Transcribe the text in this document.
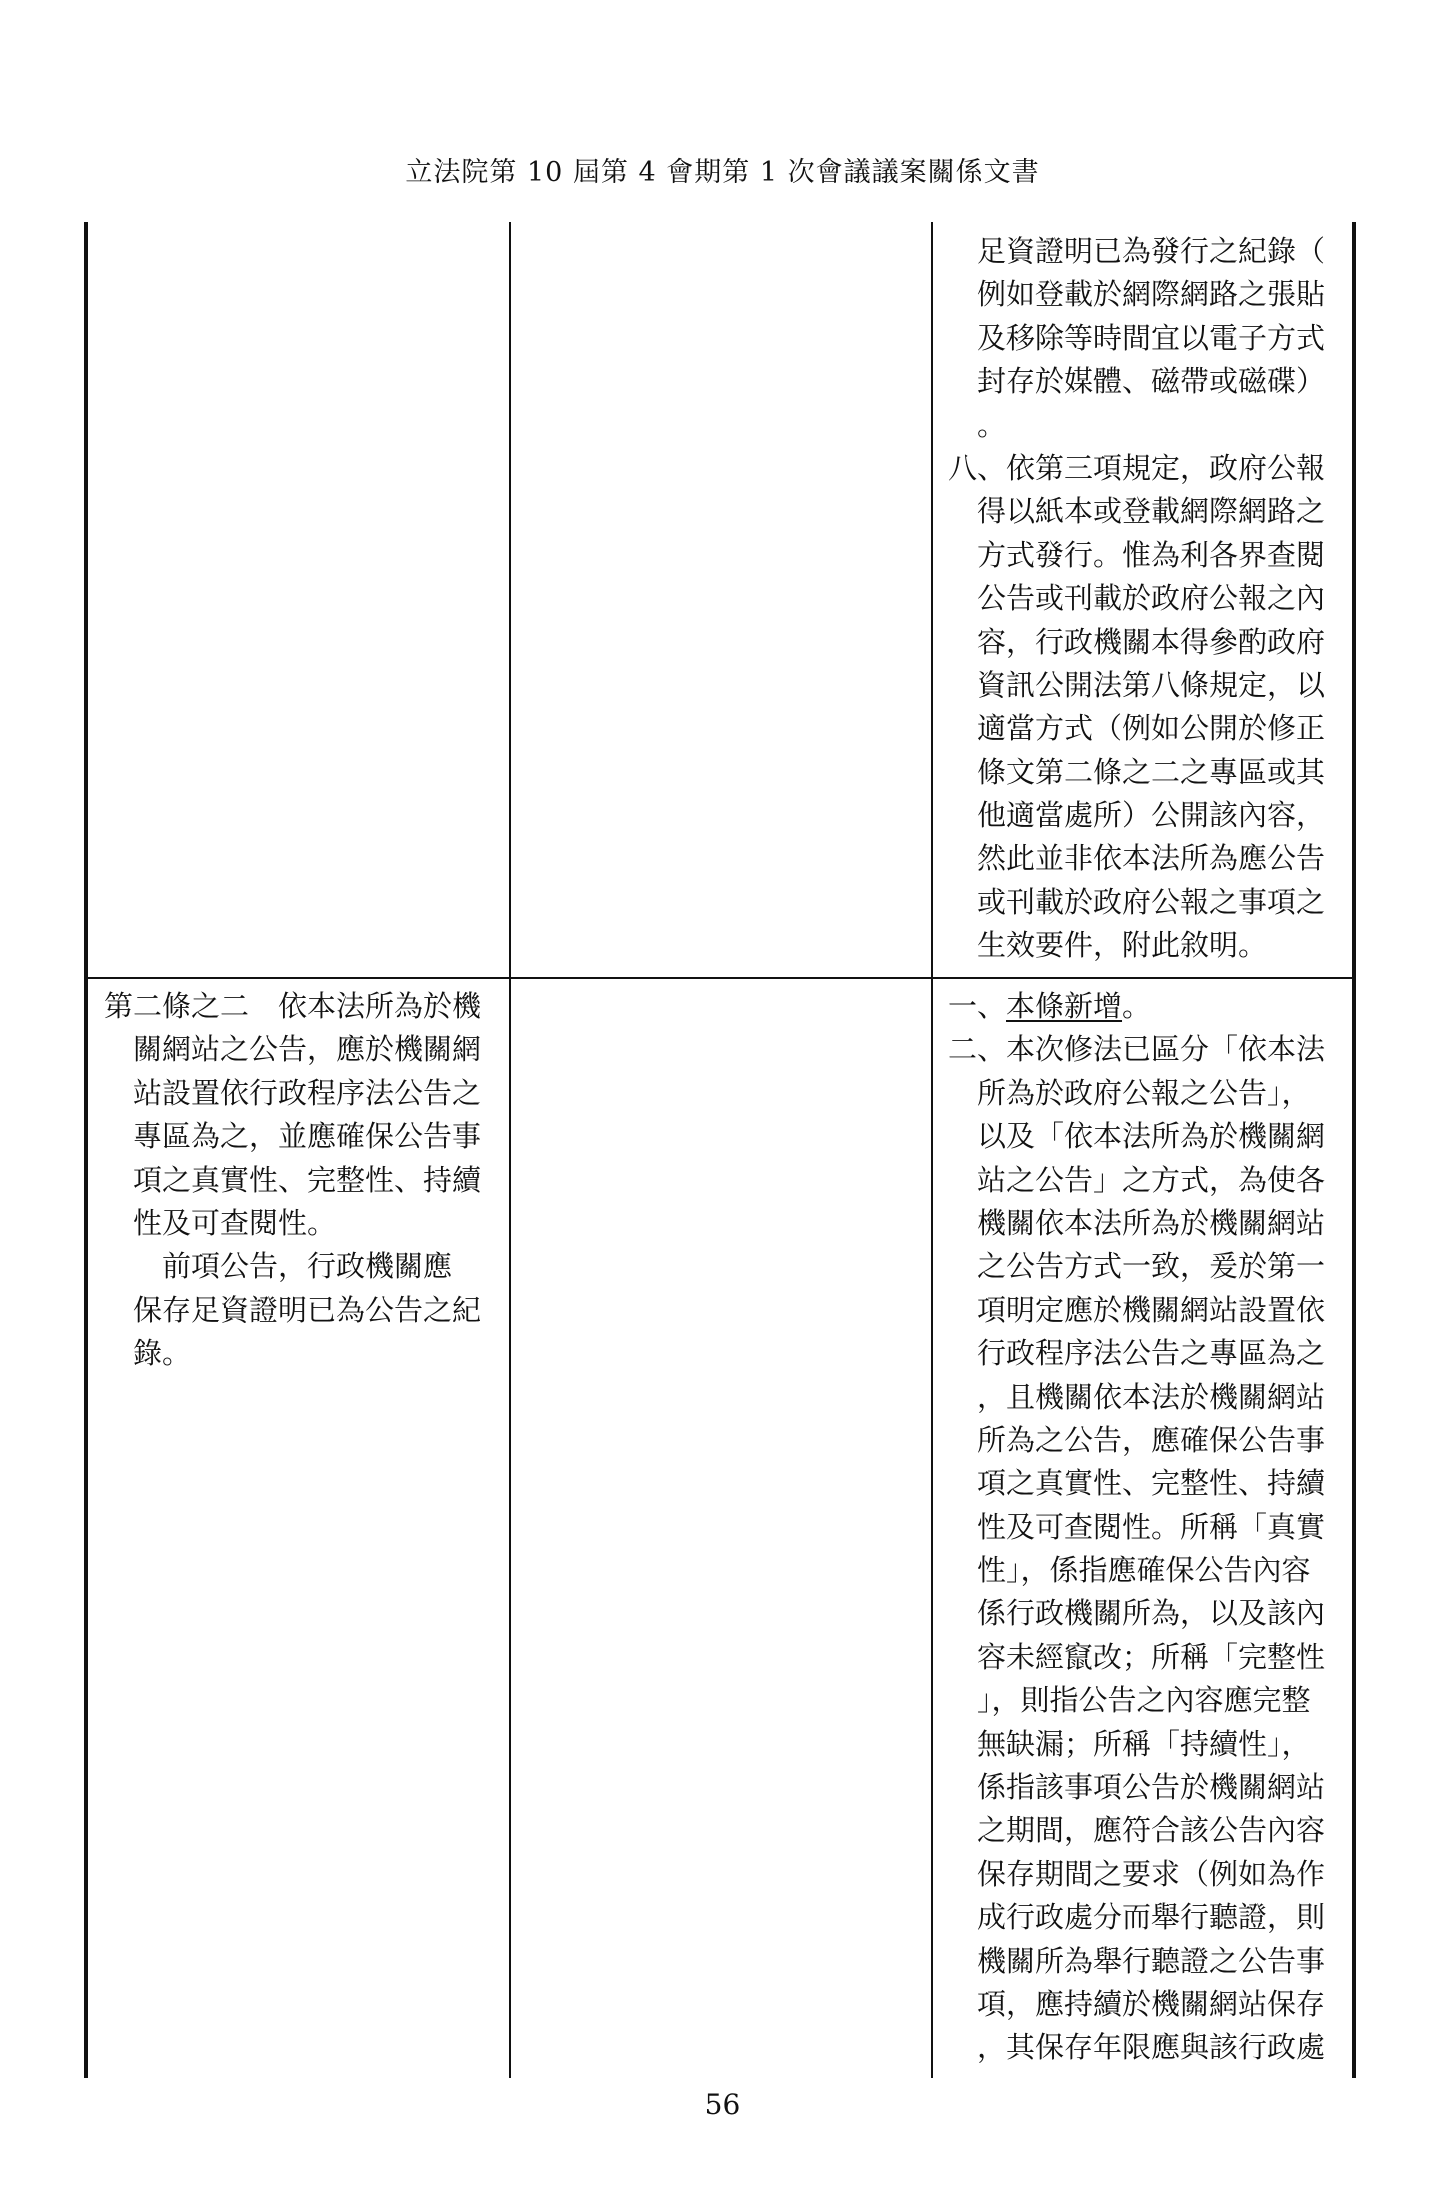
立法院第 10 屆第 4 會期第 1 次會議議案關係文書
　足資證明已為發行之紀錄（
　例如登載於網際網路之張貼
　及移除等時間宜以電子方式
　封存於媒體、磁帶或磁碟）
　。
八、依第三項規定，政府公報
　得以紙本或登載網際網路之
　方式發行。惟為利各界查閱
　公告或刊載於政府公報之內
　容，行政機關本得參酌政府
　資訊公開法第八條規定，以
　適當方式（例如公開於修正
　條文第二條之二之專區或其
　他適當處所）公開該內容，
　然此並非依本法所為應公告
　或刊載於政府公報之事項之
　生效要件，附此敘明。
第二條之二　依本法所為於機
　關網站之公告，應於機關網
　站設置依行政程序法公告之
　專區為之，並應確保公告事
　項之真實性、完整性、持續
　性及可查閱性。
　　前項公告，行政機關應
　保存足資證明已為公告之紀
　錄。
一、本條新增。
二、本次修法已區分「依本法
　所為於政府公報之公告」，
　以及「依本法所為於機關網
　站之公告」之方式，為使各
　機關依本法所為於機關網站
　之公告方式一致，爰於第一
　項明定應於機關網站設置依
　行政程序法公告之專區為之
　，且機關依本法於機關網站
　所為之公告，應確保公告事
　項之真實性、完整性、持續
　性及可查閱性。所稱「真實
　性」，係指應確保公告內容
　係行政機關所為，以及該內
　容未經竄改；所稱「完整性
　」，則指公告之內容應完整
　無缺漏；所稱「持續性」，
　係指該事項公告於機關網站
　之期間，應符合該公告內容
　保存期間之要求（例如為作
　成行政處分而舉行聽證，則
　機關所為舉行聽證之公告事
　項，應持續於機關網站保存
　，其保存年限應與該行政處
56
